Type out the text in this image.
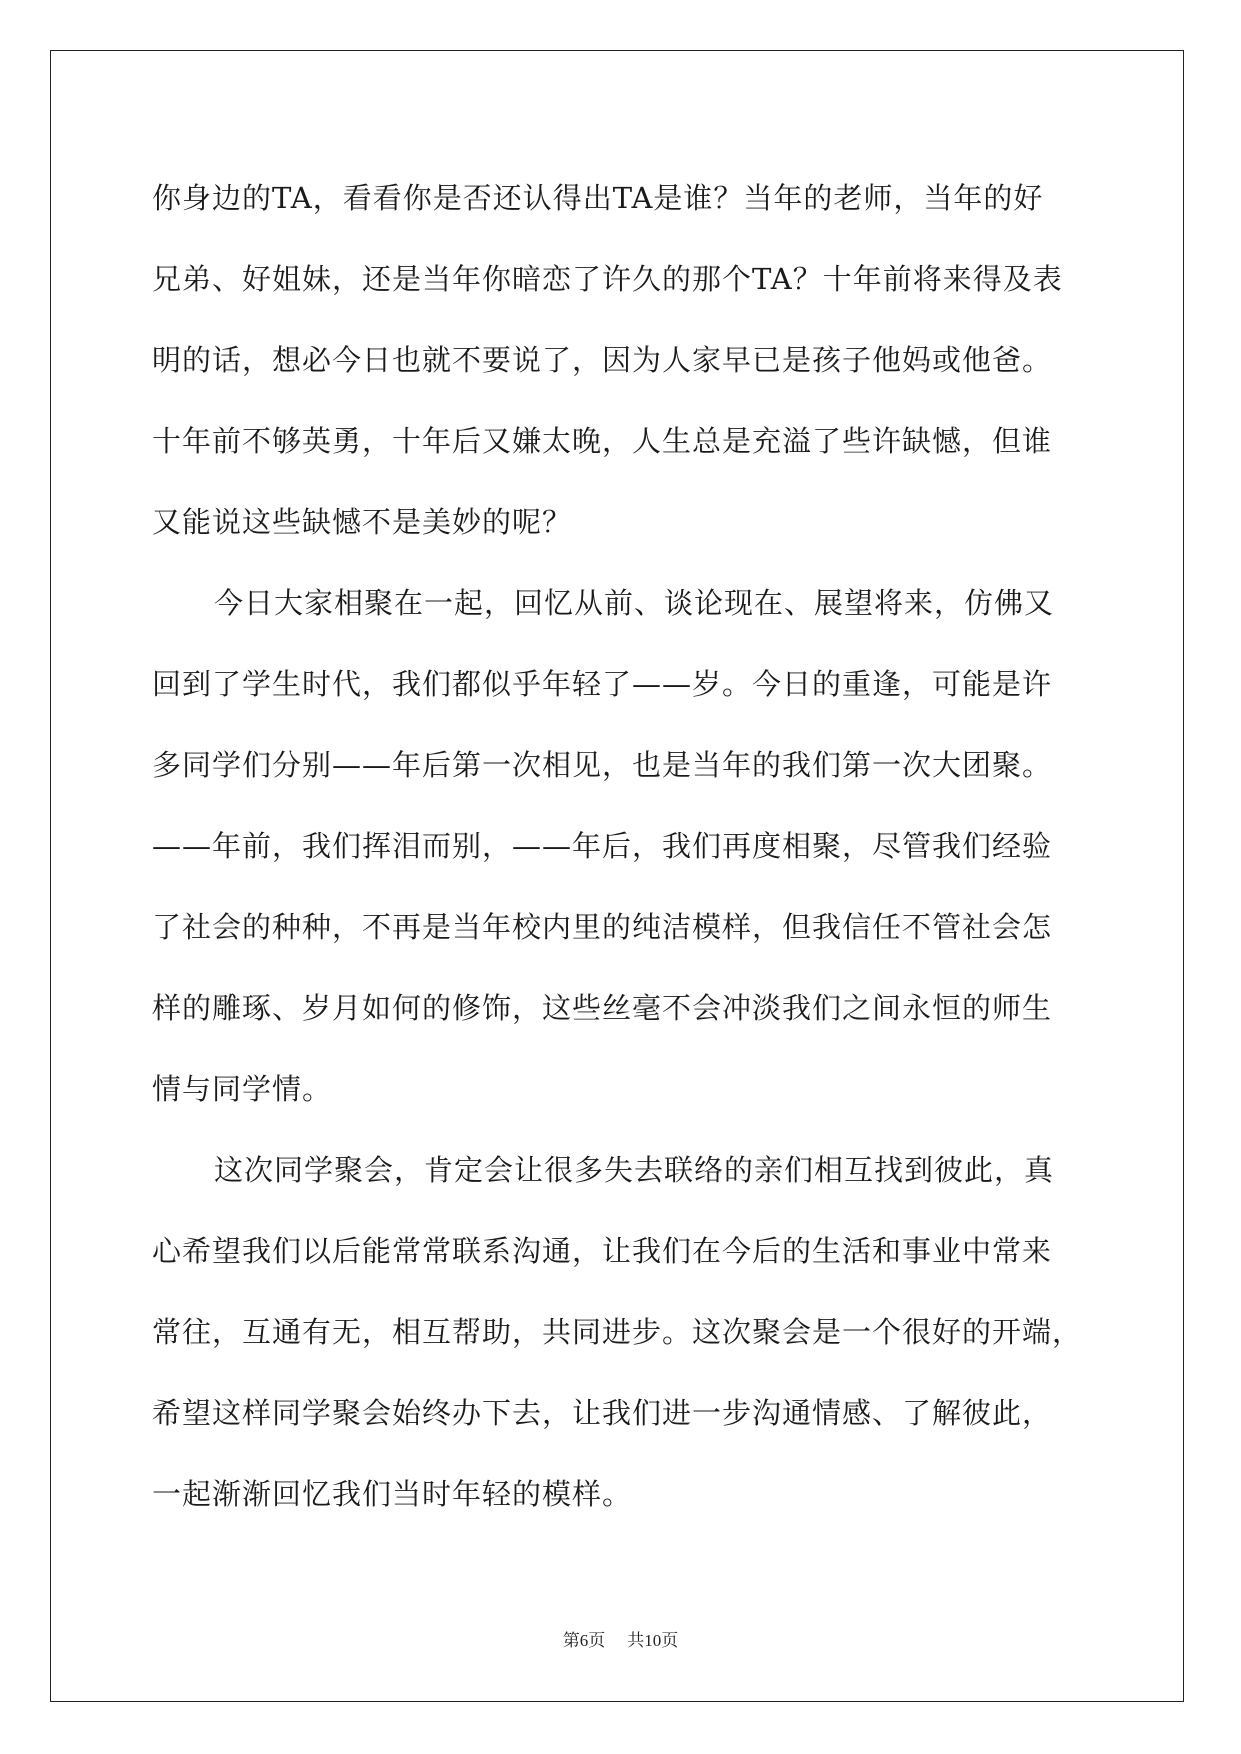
你身边的TA，看看你是否还认得出TA是谁？当年的老师，当年的好
兄弟、好姐妹，还是当年你暗恋了许久的那个TA？十年前将来得及表
明的话，想必今日也就不要说了，因为人家早已是孩子他妈或他爸。
十年前不够英勇，十年后又嫌太晚，人生总是充溢了些许缺憾，但谁
又能说这些缺憾不是美妙的呢？

今日大家相聚在一起，回忆从前、谈论现在、展望将来，仿佛又
回到了学生时代，我们都似乎年轻了——岁。今日的重逢，可能是许
多同学们分别——年后第一次相见，也是当年的我们第一次大团聚。
——年前，我们挥泪而别，——年后，我们再度相聚，尽管我们经验
了社会的种种，不再是当年校内里的纯洁模样，但我信任不管社会怎
样的雕琢、岁月如何的修饰，这些丝毫不会冲淡我们之间永恒的师生
情与同学情。

这次同学聚会，肯定会让很多失去联络的亲们相互找到彼此，真
心希望我们以后能常常联系沟通，让我们在今后的生活和事业中常来
常往，互通有无，相互帮助，共同进步。这次聚会是一个很好的开端，
希望这样同学聚会始终办下去，让我们进一步沟通情感、了解彼此，
一起渐渐回忆我们当时年轻的模样。

第6页 共10页
